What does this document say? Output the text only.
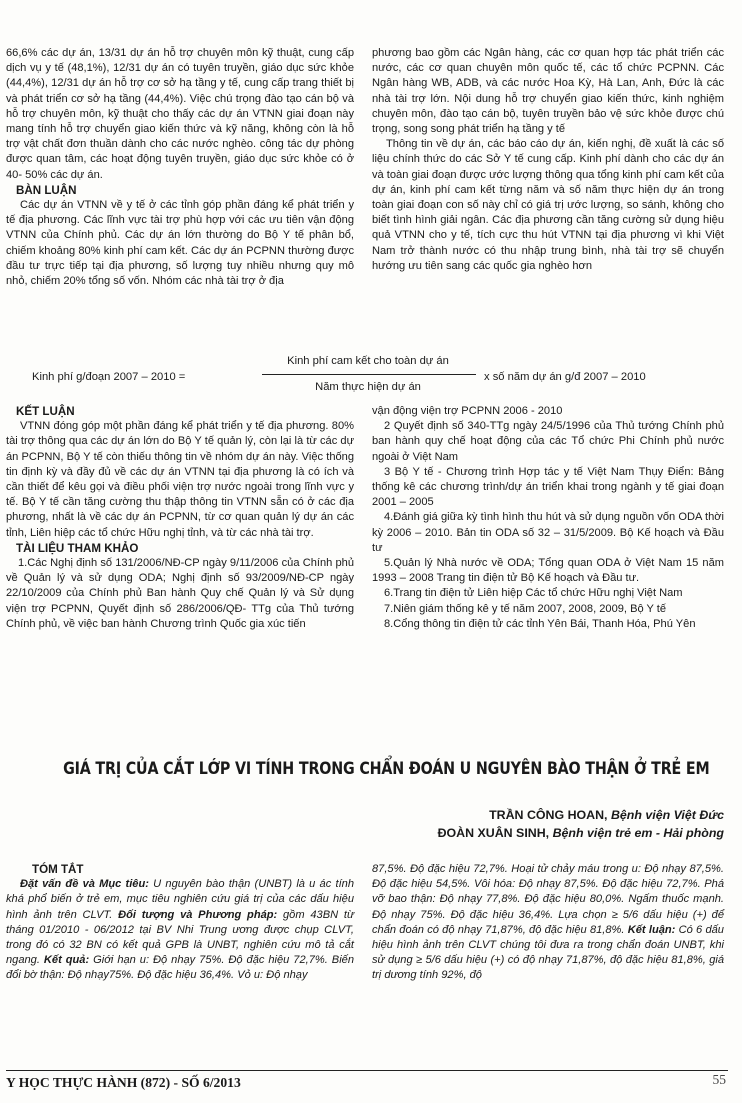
66,6% các dự án, 13/31 dự án hỗ trợ chuyên môn kỹ thuật, cung cấp dịch vụ y tế (48,1%), 12/31 dự án có tuyên truyền, giáo dục sức khỏe (44,4%), 12/31 dự án hỗ trợ cơ sở hạ tầng y tế, cung cấp trang thiết bị và phát triển cơ sở hạ tầng (44,4%). Việc chú trọng đào tạo cán bộ và hỗ trợ chuyên môn, kỹ thuật cho thấy các dự án VTNN giai đoạn này mang tính hỗ trợ chuyển giao kiến thức và kỹ năng, không còn là hỗ trợ vật chất đơn thuần dành cho các nước nghèo. công tác dự phòng được quan tâm, các hoạt động tuyên truyền, giáo dục sức khỏe có ở 40- 50% các dự án.

BÀN LUẬN

Các dự án VTNN về y tế ở các tỉnh góp phần đáng kể phát triển y tế địa phương. Các lĩnh vực tài trợ phù hợp với các ưu tiên vận động VTNN của Chính phủ. Các dự án lớn thường do Bộ Y tế phân bổ, chiếm khoảng 80% kinh phí cam kết. Các dự án PCPNN thường được đầu tư trực tiếp tại địa phương, số lượng tuy nhiều nhưng quy mô nhỏ, chiếm 20% tổng số vốn. Nhóm các nhà tài trợ ở địa

phương bao gồm các Ngân hàng, các cơ quan hợp tác phát triển các nước, các cơ quan chuyên môn quốc tế, các tổ chức PCPNN. Các Ngân hàng WB, ADB, và các nước Hoa Kỳ, Hà Lan, Anh, Đức là các nhà tài trợ lớn. Nội dung hỗ trợ chuyển giao kiến thức, kinh nghiệm chuyên môn, đào tạo cán bộ, tuyên truyền bảo vệ sức khỏe được chú trọng, song song phát triển hạ tầng y tế

Thông tin về dự án, các báo cáo dự án, kiến nghị, đề xuất là các số liệu chính thức do các Sở Y tế cung cấp. Kinh phí dành cho các dự án và toàn giai đoạn được ước lượng thông qua tổng kinh phí cam kết của dự án, kinh phí cam kết từng năm và số năm thực hiện dự án trong toàn giai đoạn con số này chỉ có giá trị ước lượng, so sánh, không cho biết tình hình giải ngân. Các địa phương cần tăng cường sử dụng hiệu quả VTNN cho y tế, tích cực thu hút VTNN tại địa phương vì khi Việt Nam trở thành nước có thu nhập trung bình, nhà tài trợ sẽ chuyển hướng ưu tiên sang các quốc gia nghèo hơn

Kinh phí g/đoạn 2007 – 2010 =
Kinh phí cam kết cho toàn dự án
Năm thực hiện dự án
x số năm dự án g/đ 2007 – 2010

KẾT LUẬN

VTNN đóng góp một phần đáng kể phát triển y tế địa phương. 80% tài trợ thông qua các dự án lớn do Bộ Y tế quản lý, còn lại là từ các dự án PCPNN, Bộ Y tế còn thiếu thông tin về nhóm dự án này. Việc thống tin định kỳ và đầy đủ về các dự án VTNN tại địa phương là có ích và cần thiết để kêu gọi và điều phối viện trợ nước ngoài trong lĩnh vực y tế. Bộ Y tế cần tăng cường thu thập thông tin VTNN sẵn có ở các địa phương, nhất là về các dự án PCPNN, từ cơ quan quản lý dự án các tỉnh, Liên hiệp các tổ chức Hữu nghị tỉnh, và từ các nhà tài trợ.

TÀI LIỆU THAM KHẢO

1.Các Nghị định số 131/2006/NĐ-CP ngày 9/11/2006 của Chính phủ về Quản lý và sử dụng ODA; Nghị định số 93/2009/NĐ-CP ngày 22/10/2009 của Chính phủ Ban hành Quy chế Quản lý và Sử dụng viện trợ PCPNN, Quyết định số 286/2006/QĐ- TTg của Thủ tướng Chính phủ, về việc ban hành Chương trình Quốc gia xúc tiến

vận động viện trợ PCPNN 2006 - 2010

2 Quyết định số 340-TTg ngày 24/5/1996 của Thủ tướng Chính phủ ban hành quy chế hoạt động của các Tổ chức Phi Chính phủ nước ngoài ở Việt Nam

3 Bộ Y tế - Chương trình Hợp tác y tế Việt Nam Thụy Điển: Bảng thống kê các chương trình/dự án triển khai trong ngành y tế giai đoạn 2001 – 2005

4.Đánh giá giữa kỳ tình hình thu hút và sử dụng nguồn vốn ODA thời kỳ 2006 – 2010. Bản tin ODA số 32 – 31/5/2009. Bộ Kế hoạch và Đầu tư

5.Quản lý Nhà nước về ODA; Tổng quan ODA ở Việt Nam 15 năm 1993 – 2008 Trang tin điện tử Bộ Kế hoạch và Đầu tư.

6.Trang tin điện tử Liên hiệp Các tổ chức Hữu nghị Việt Nam

7.Niên giám thống kê y tế năm 2007, 2008, 2009, Bộ Y tế

8.Cổng thông tin điện tử các tỉnh Yên Bái, Thanh Hóa, Phú Yên

GIÁ TRỊ CỦA CẮT LỚP VI TÍNH TRONG CHẨN ĐOÁN U NGUYÊN BÀO THẬN Ở TRẺ EM
TRẦN CÔNG HOAN, Bệnh viện Việt Đức
ĐOÀN XUÂN SINH, Bệnh viện trẻ em - Hải phòng

TÓM TẮT

Đặt vấn đề và Mục tiêu: U nguyên bào thận (UNBT) là u ác tính khá phổ biến ở trẻ em, mục tiêu nghiên cứu giá trị của các dấu hiệu hình ảnh trên CLVT. Đối tượng và Phương pháp: gồm 43BN từ tháng 01/2010 - 06/2012 tại BV Nhi Trung ương được chụp CLVT, trong đó có 32 BN có kết quả GPB là UNBT, nghiên cứu mô tả cắt ngang. Kết quả: Giới hạn u: Độ nhạy 75%. Độ đặc hiệu 72,7%. Biến đổi bờ thận: Độ nhạy75%. Độ đặc hiệu 36,4%. Vỏ u: Độ nhạy

87,5%. Độ đặc hiệu 72,7%. Hoại tử chảy máu trong u: Độ nhạy 87,5%. Độ đặc hiệu 54,5%. Vôi hóa: Độ nhạy 87,5%. Độ đặc hiệu 72,7%. Phá vỡ bao thận: Độ nhạy 77,8%. Độ đặc hiệu 80,0%. Ngấm thuốc mạnh. Độ nhạy 75%. Độ đặc hiệu 36,4%. Lựa chọn ≥ 5/6 dấu hiệu (+) để chẩn đoán có độ nhạy 71,87%, độ đặc hiệu 81,8%. Kết luận: Có 6 dấu hiệu hình ảnh trên CLVT chúng tôi đưa ra trong chẩn đoán UNBT, khi sử dụng ≥ 5/6 dấu hiệu (+) có độ nhạy 71,87%, độ đặc hiệu 81,8%, giá trị dương tính 92%, độ

Y HỌC THỰC HÀNH (872) - SỐ 6/2013	55
